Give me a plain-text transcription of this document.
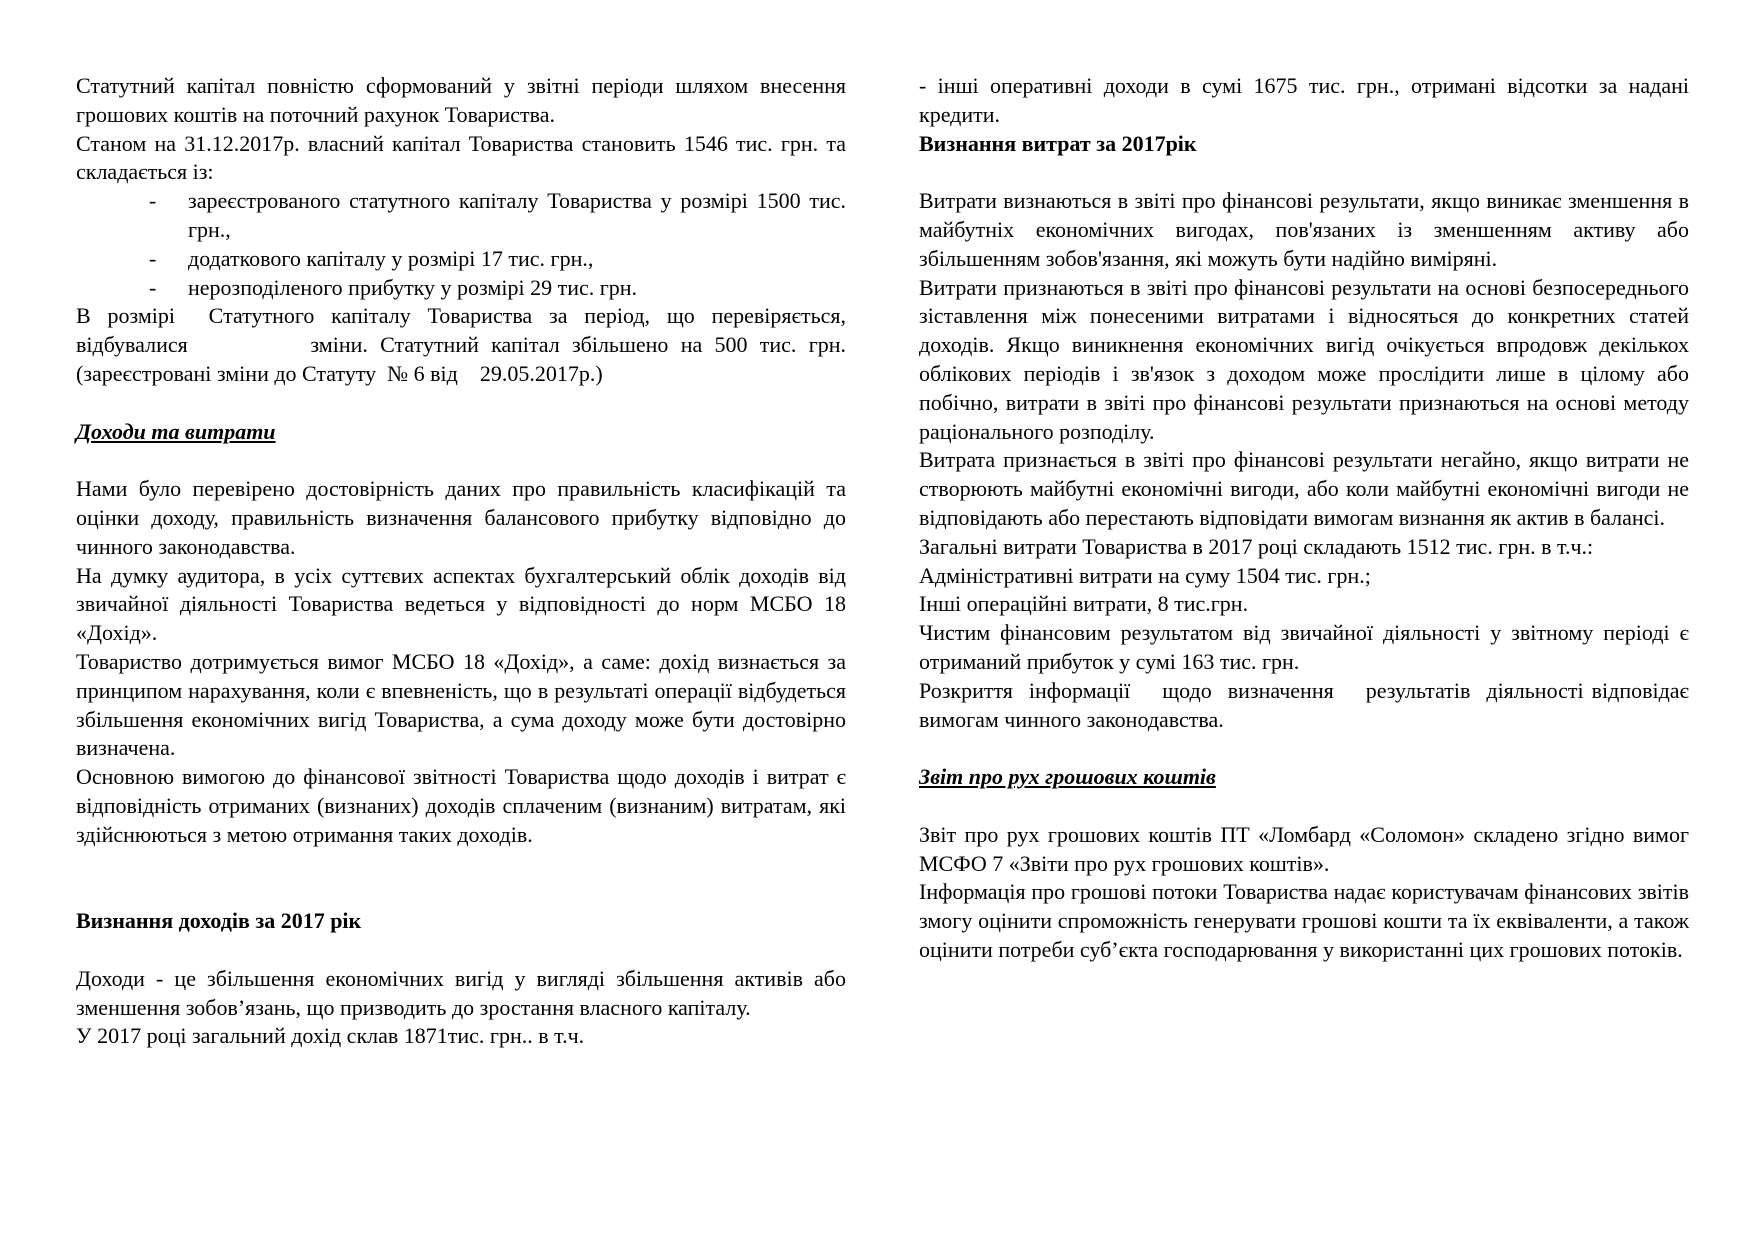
Статутний капітал повністю сформований у звітні періоди шляхом внесення грошових коштів на поточний рахунок Товариства.

Станом на 31.12.2017р. власний капітал Товариства становить 1546 тис. грн. та складається із:

- зареєстрованого статутного капіталу Товариства у розмірі 1500 тис. грн.,
- додаткового капіталу у розмірі 17 тис. грн.,
- нерозподіленого прибутку у розмірі 29 тис. грн.

В розмірі  Статутного капіталу Товариства за період, що перевіряється, відбувалися          зміни. Статутний капітал збільшено на 500 тис. грн. (зареєстровані зміни до Статуту  № 6 від    29.05.2017р.)

Доходи та витрати

Нами було перевірено достовірність даних про правильність класифікацій та оцінки доходу, правильність визначення балансового прибутку відповідно до чинного законодавства.

На думку аудитора, в усіх суттєвих аспектах бухгалтерський облік доходів від звичайної діяльності Товариства ведеться у відповідності до норм МСБО 18 «Дохід».

Товариство дотримується вимог МСБО 18 «Дохід», а саме: дохід визнається за принципом нарахування, коли є впевненість, що в результаті операції відбудеться збільшення економічних вигід Товариства, а сума доходу може бути достовірно визначена.

Основною вимогою до фінансової звітності Товариства щодо доходів і витрат є відповідність отриманих (визнаних) доходів сплаченим (визнаним) витратам, які здійснюються з метою отримання таких доходів.

Визнання доходів за 2017 рік

Доходи - це збільшення економічних вигід у вигляді збільшення активів або зменшення зобов’язань, що призводить до зростання власного капіталу.

У 2017 році загальний дохід склав 1871тис. грн.. в т.ч.

- інші оперативні доходи в сумі 1675 тис. грн., отримані відсотки за надані кредити.

Визнання витрат за 2017рік

Витрати визнаються в звіті про фінансові результати, якщо виникає зменшення в майбутніх економічних вигодах, пов'язаних із зменшенням активу або збільшенням зобов'язання, які можуть бути надійно виміряні.

Витрати признаються в звіті про фінансові результати на основі безпосереднього зіставлення між понесеними витратами і відносяться до конкретних статей доходів. Якщо виникнення економічних вигід очікується впродовж декількох облікових періодів і зв'язок з доходом може прослідити лише в цілому або побічно, витрати в звіті про фінансові результати признаються на основі методу раціонального розподілу.

Витрата признається в звіті про фінансові результати негайно, якщо витрати не створюють майбутні економічні вигоди, або коли майбутні економічні вигоди не відповідають або перестають відповідати вимогам визнання як актив в балансі.

Загальні витрати Товариства в 2017 році складають 1512 тис. грн. в т.ч.:

Адміністративні витрати на суму 1504 тис. грн.;

Інші операційні витрати, 8 тис.грн.

Чистим фінансовим результатом від звичайної діяльності у звітному періоді є отриманий прибуток у сумі 163 тис. грн.

Розкриття  інформації    щодо  визначення    результатів  діяльності відповідає вимогам чинного законодавства.

Звіт про рух грошових коштів

Звіт про рух грошових коштів ПТ «Ломбард «Соломон» складено згідно вимог МСФО 7 «Звіти про рух грошових коштів».

Інформація про грошові потоки Товариства надає користувачам фінансових звітів змогу оцінити спроможність генерувати грошові кошти та їх еквіваленти, а також оцінити потреби суб’єкта господарювання у використанні цих грошових потоків.
